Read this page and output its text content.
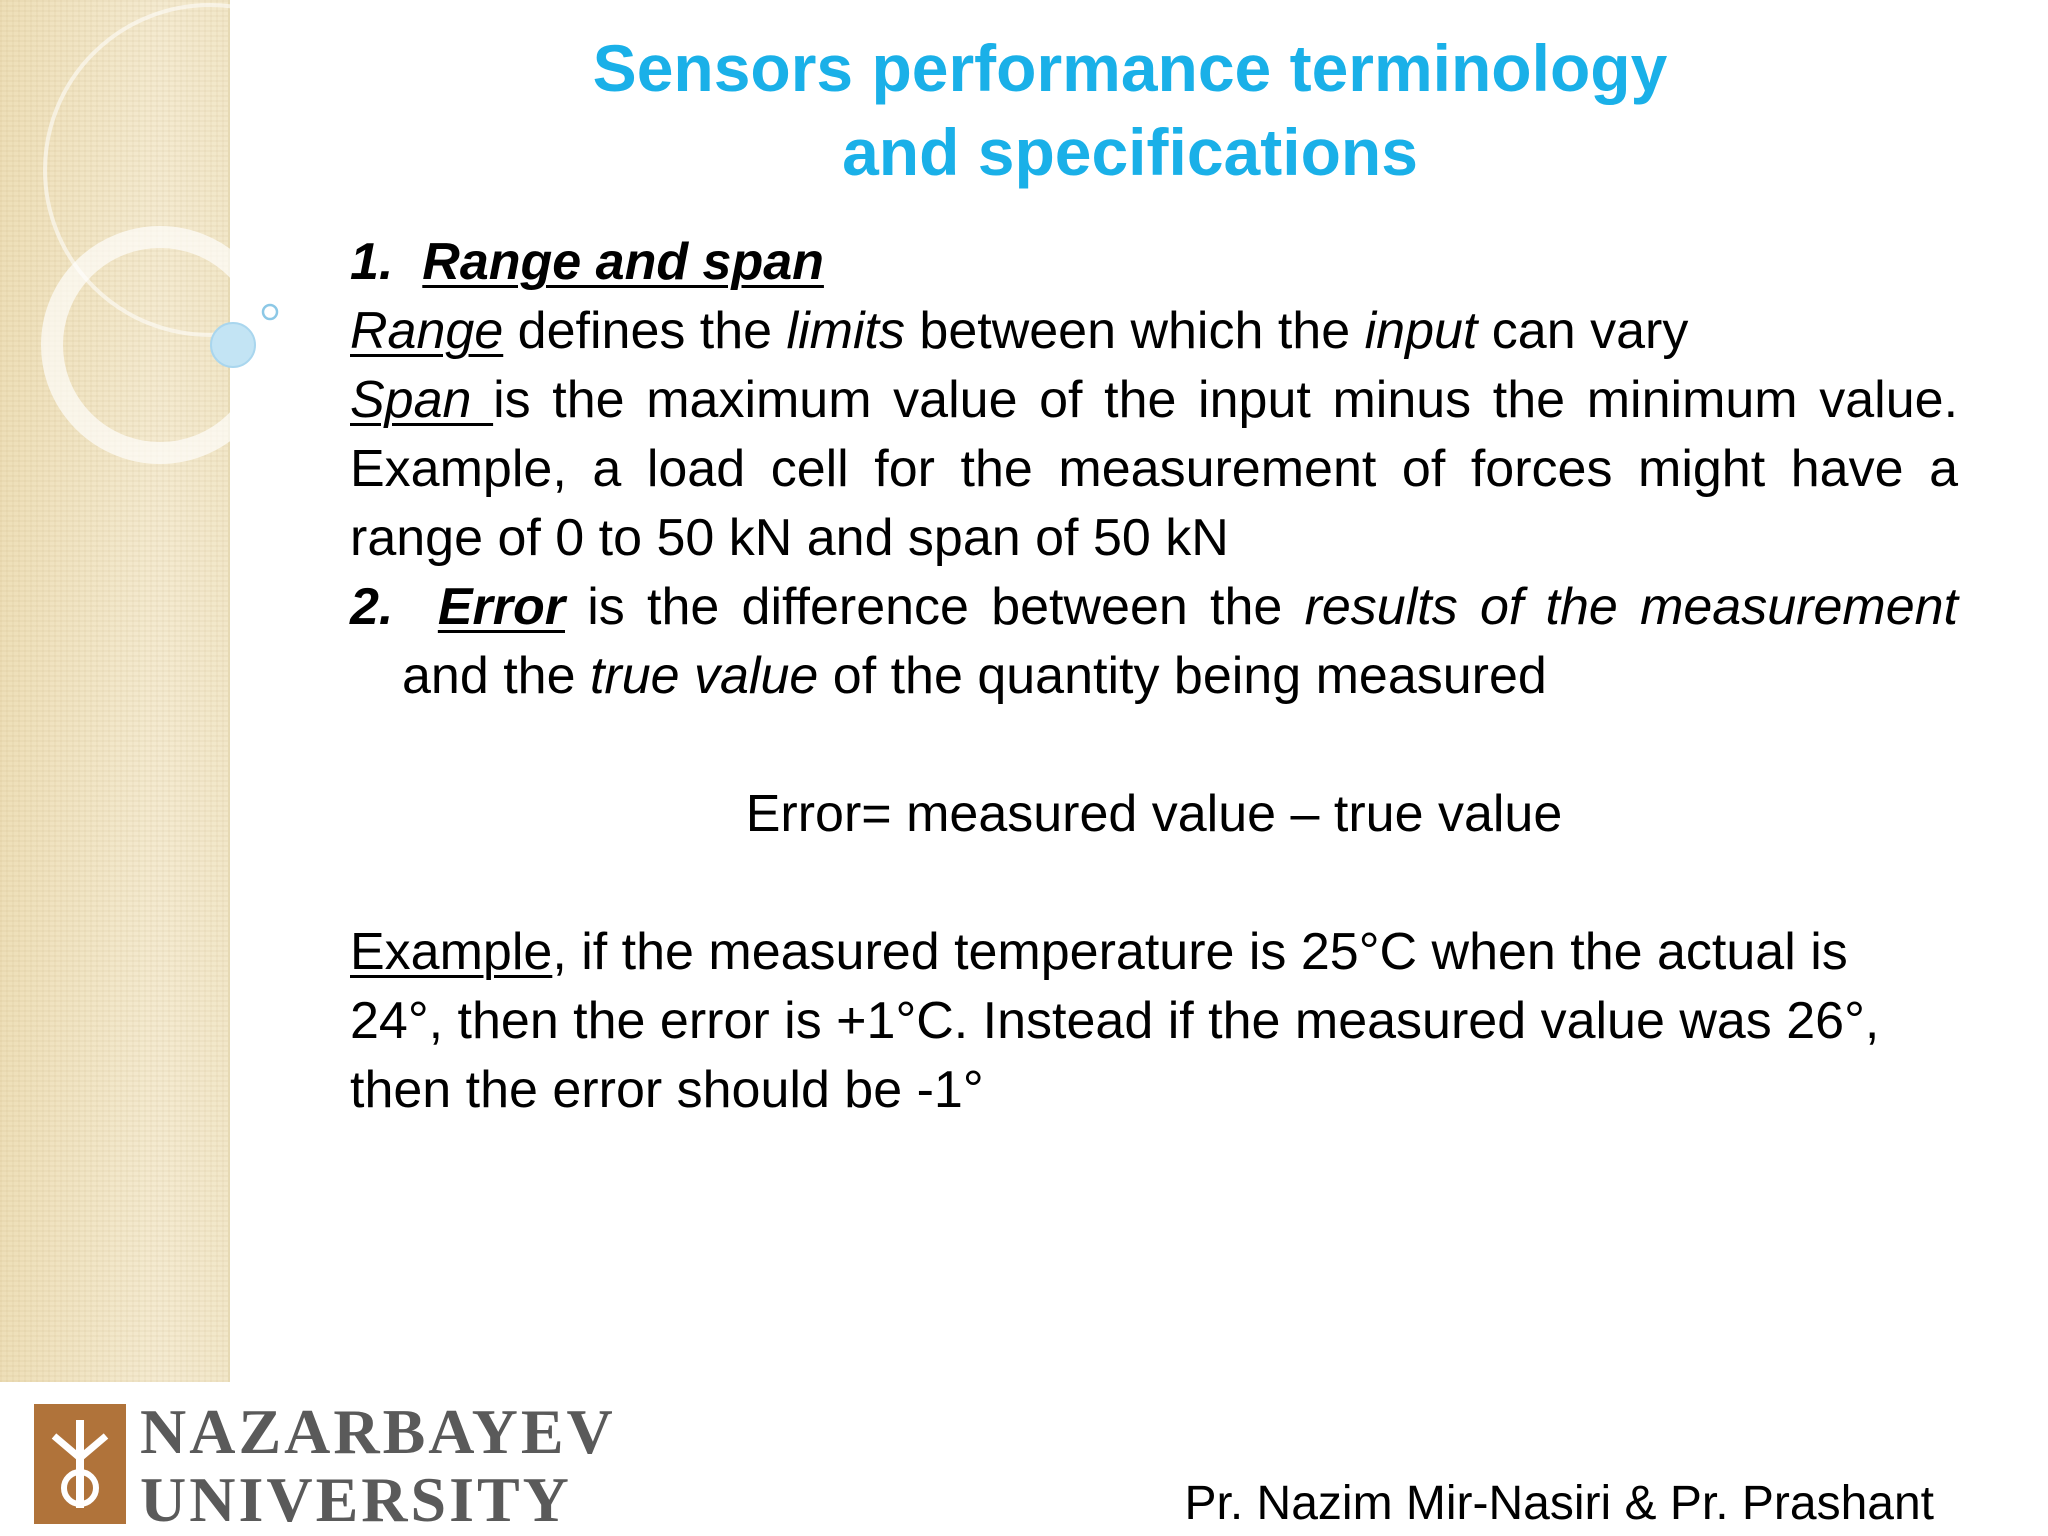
Sensors performance terminology
and specifications

1. Range and span

Range defines the limits between which the input can vary

Span is the maximum value of the input minus the minimum value. Example, a load cell for the measurement of forces might have a range of 0 to 50 kN and span of 50 kN

2. Error is the difference between the results of the measurement and the true value of the quantity being measured

Error= measured value – true value

Example, if the measured temperature is 25°C when the actual is 24°, then the error is +1°C. Instead if the measured value was 26°, then the error should be -1°

NAZARBAYEV
UNIVERSITY	Pr. Nazim Mir-Nasiri & Pr. Prashant
